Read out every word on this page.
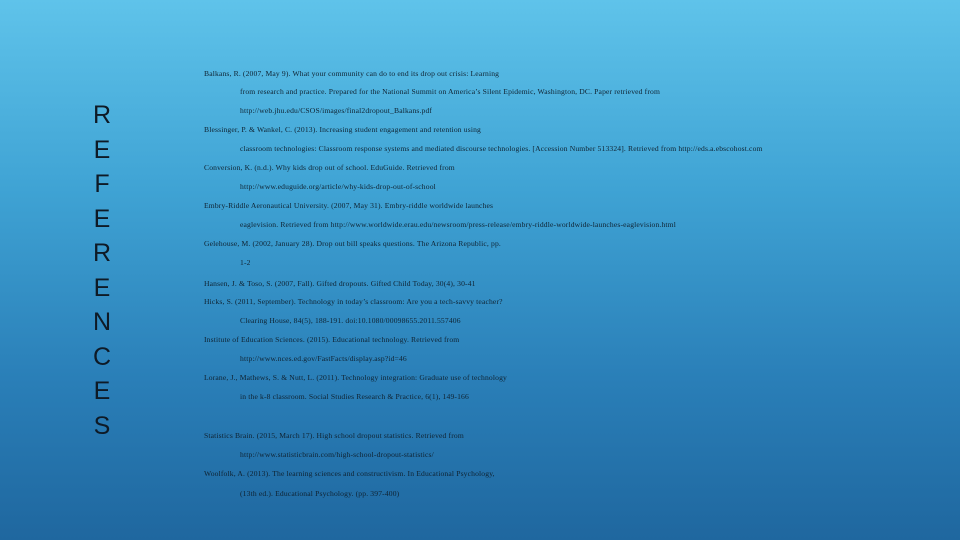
R
E
F
E
R
E
N
C
E
S
Balkans, R. (2007, May 9). What your community can do to end its drop out crisis: Learning
from research and practice. Prepared for the National Summit on America’s Silent Epidemic, Washington, DC. Paper retrieved from
http://web.jhu.edu/CSOS/images/final2dropout_Balkans.pdf
Blessinger, P. & Wankel, C. (2013). Increasing student engagement and retention using
classroom technologies: Classroom response systems and mediated discourse technologies. [Accession Number 513324]. Retrieved from http://eds.a.ebscohost.com
Conversion, K. (n.d.). Why kids drop out of school. EduGuide. Retrieved from
http://www.eduguide.org/article/why-kids-drop-out-of-school
Embry-Riddle Aeronautical University. (2007, May 31). Embry-riddle worldwide launches
eaglevision. Retrieved from http://www.worldwide.erau.edu/newsroom/press-release/embry-riddle-worldwide-launches-eaglevision.html
Gelehouse, M. (2002, January 28). Drop out bill speaks questions. The Arizona Republic, pp.
1-2
Hansen, J. & Toso, S. (2007, Fall). Gifted dropouts. Gifted Child Today, 30(4), 30-41
Hicks, S. (2011, September). Technology in today’s classroom: Are you a tech-savvy teacher?
Clearing House, 84(5), 188-191. doi:10.1080/00098655.2011.557406
Institute of Education Sciences. (2015). Educational technology. Retrieved from
http://www.nces.ed.gov/FastFacts/display.asp?id=46
Lorane, J., Mathews, S. & Nutt, L. (2011). Technology integration: Graduate use of technology
in the k-8 classroom. Social Studies Research & Practice, 6(1), 149-166
Statistics Brain. (2015, March 17). High school dropout statistics. Retrieved from
http://www.statisticbrain.com/high-school-dropout-statistics/
Woolfolk, A. (2013). The learning sciences and constructivism. In Educational Psychology,
(13th ed.). Educational Psychology. (pp. 397-400)
